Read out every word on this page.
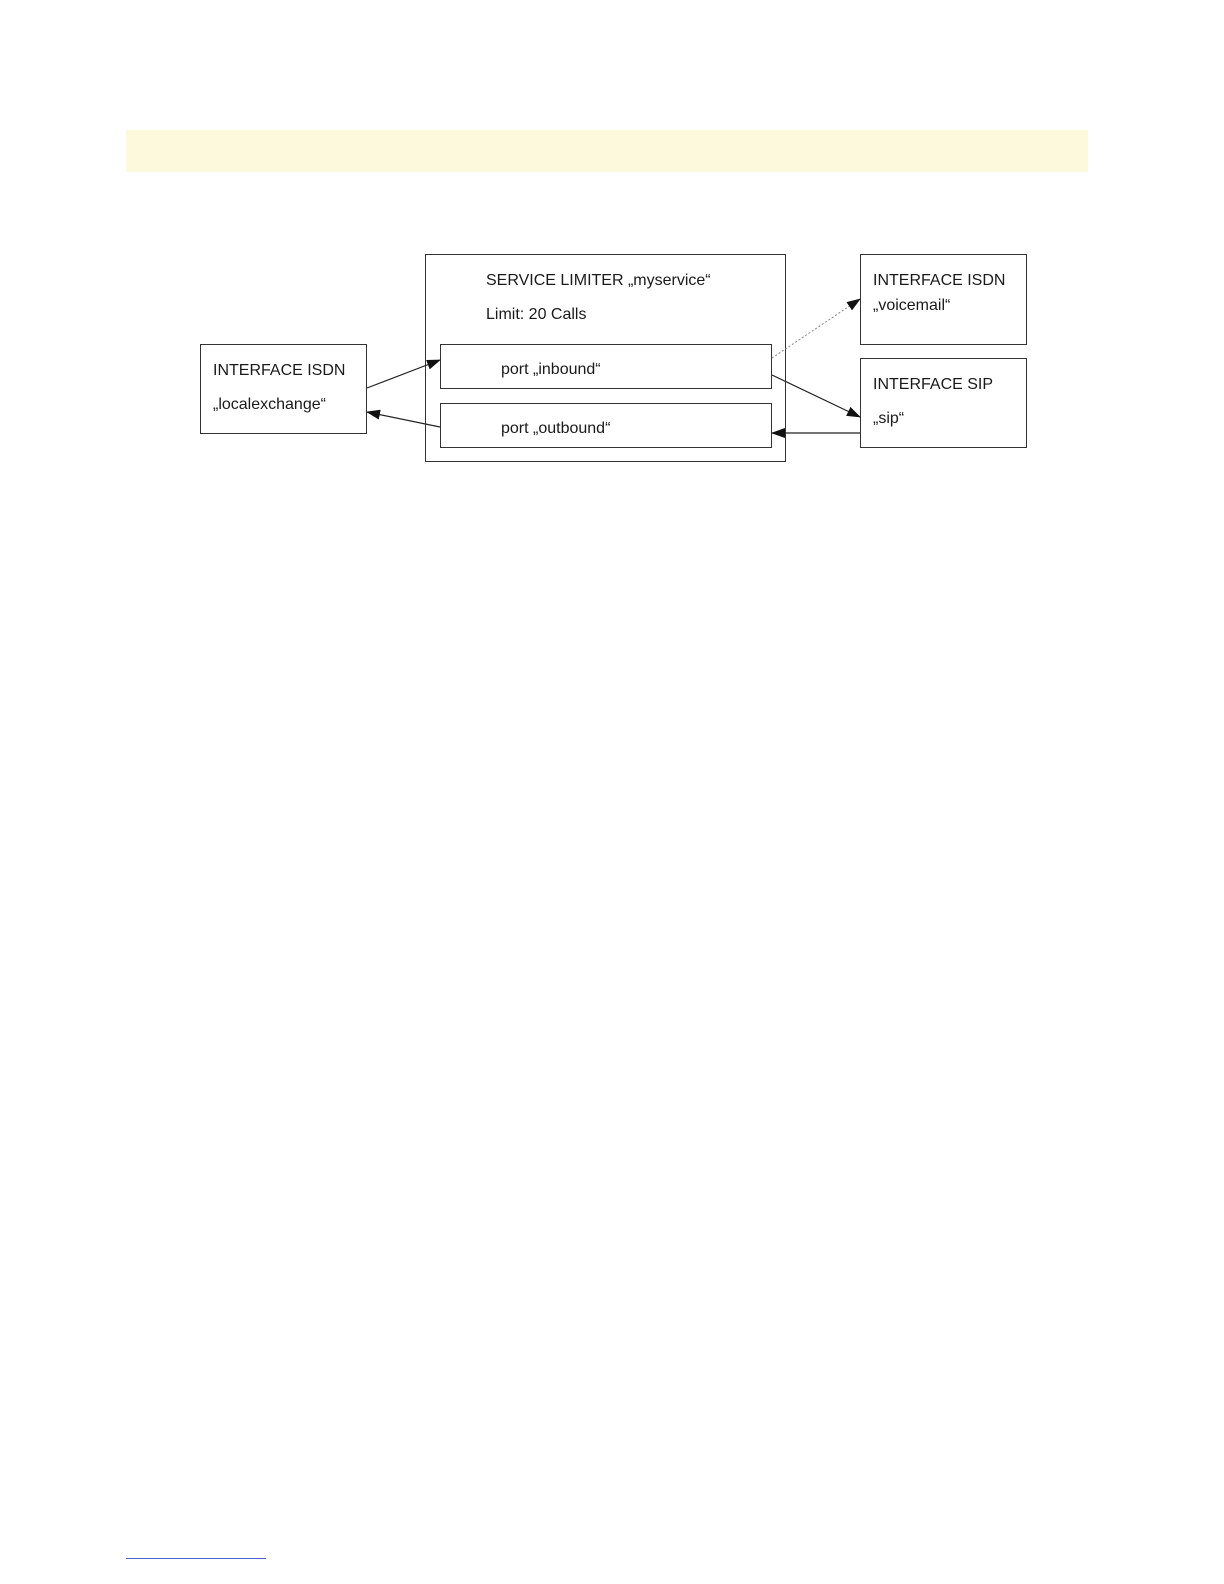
INTERFACE ISDN
„localexchange“
SERVICE LIMITER „myservice“
Limit: 20 Calls
port „inbound“
port „outbound“
INTERFACE ISDN
„voicemail“
INTERFACE SIP
„sip“
